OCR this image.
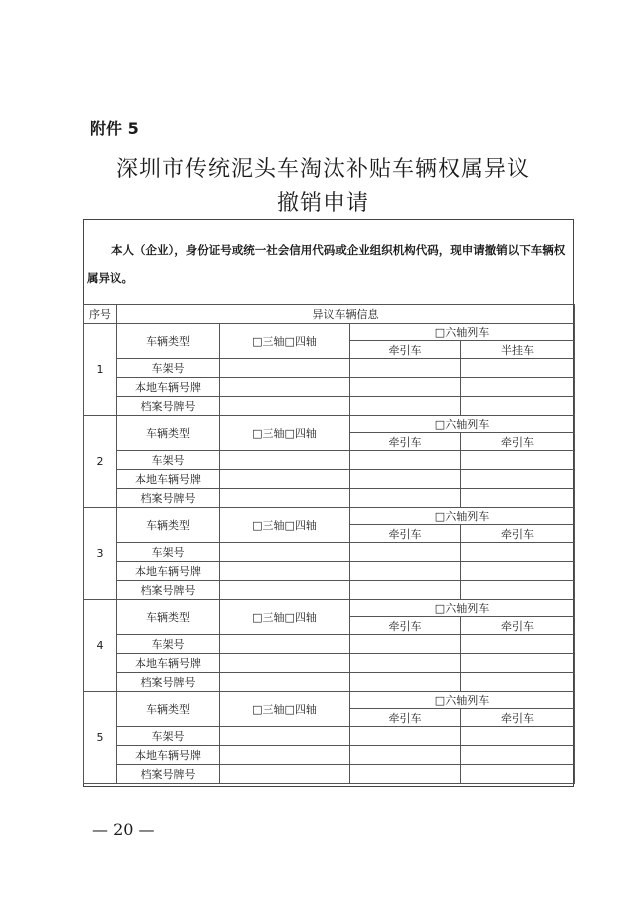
附件 5
深圳市传统泥头车淘汰补贴车辆权属异议
撤销申请
本人（企业），身份证号或统一社会信用代码或企业组织机构代码，现申请撤销以下车辆权属异议。
序号	异议车辆信息			
1	车辆类型	□三轴□四轴	□六轴列车	
			牵引车	半挂车
	车架号			
	本地车辆号牌			
	档案号牌号			
2	车辆类型	□三轴□四轴	□六轴列车	
			牵引车	牵引车
	车架号			
	本地车辆号牌			
	档案号牌号			
3	车辆类型	□三轴□四轴	□六轴列车	
			牵引车	牵引车
	车架号			
	本地车辆号牌			
	档案号牌号			
4	车辆类型	□三轴□四轴	□六轴列车	
			牵引车	牵引车
	车架号			
	本地车辆号牌			
	档案号牌号			
5	车辆类型	□三轴□四轴	□六轴列车	
			牵引车	牵引车
	车架号			
	本地车辆号牌			
	档案号牌号			
— 20 —
